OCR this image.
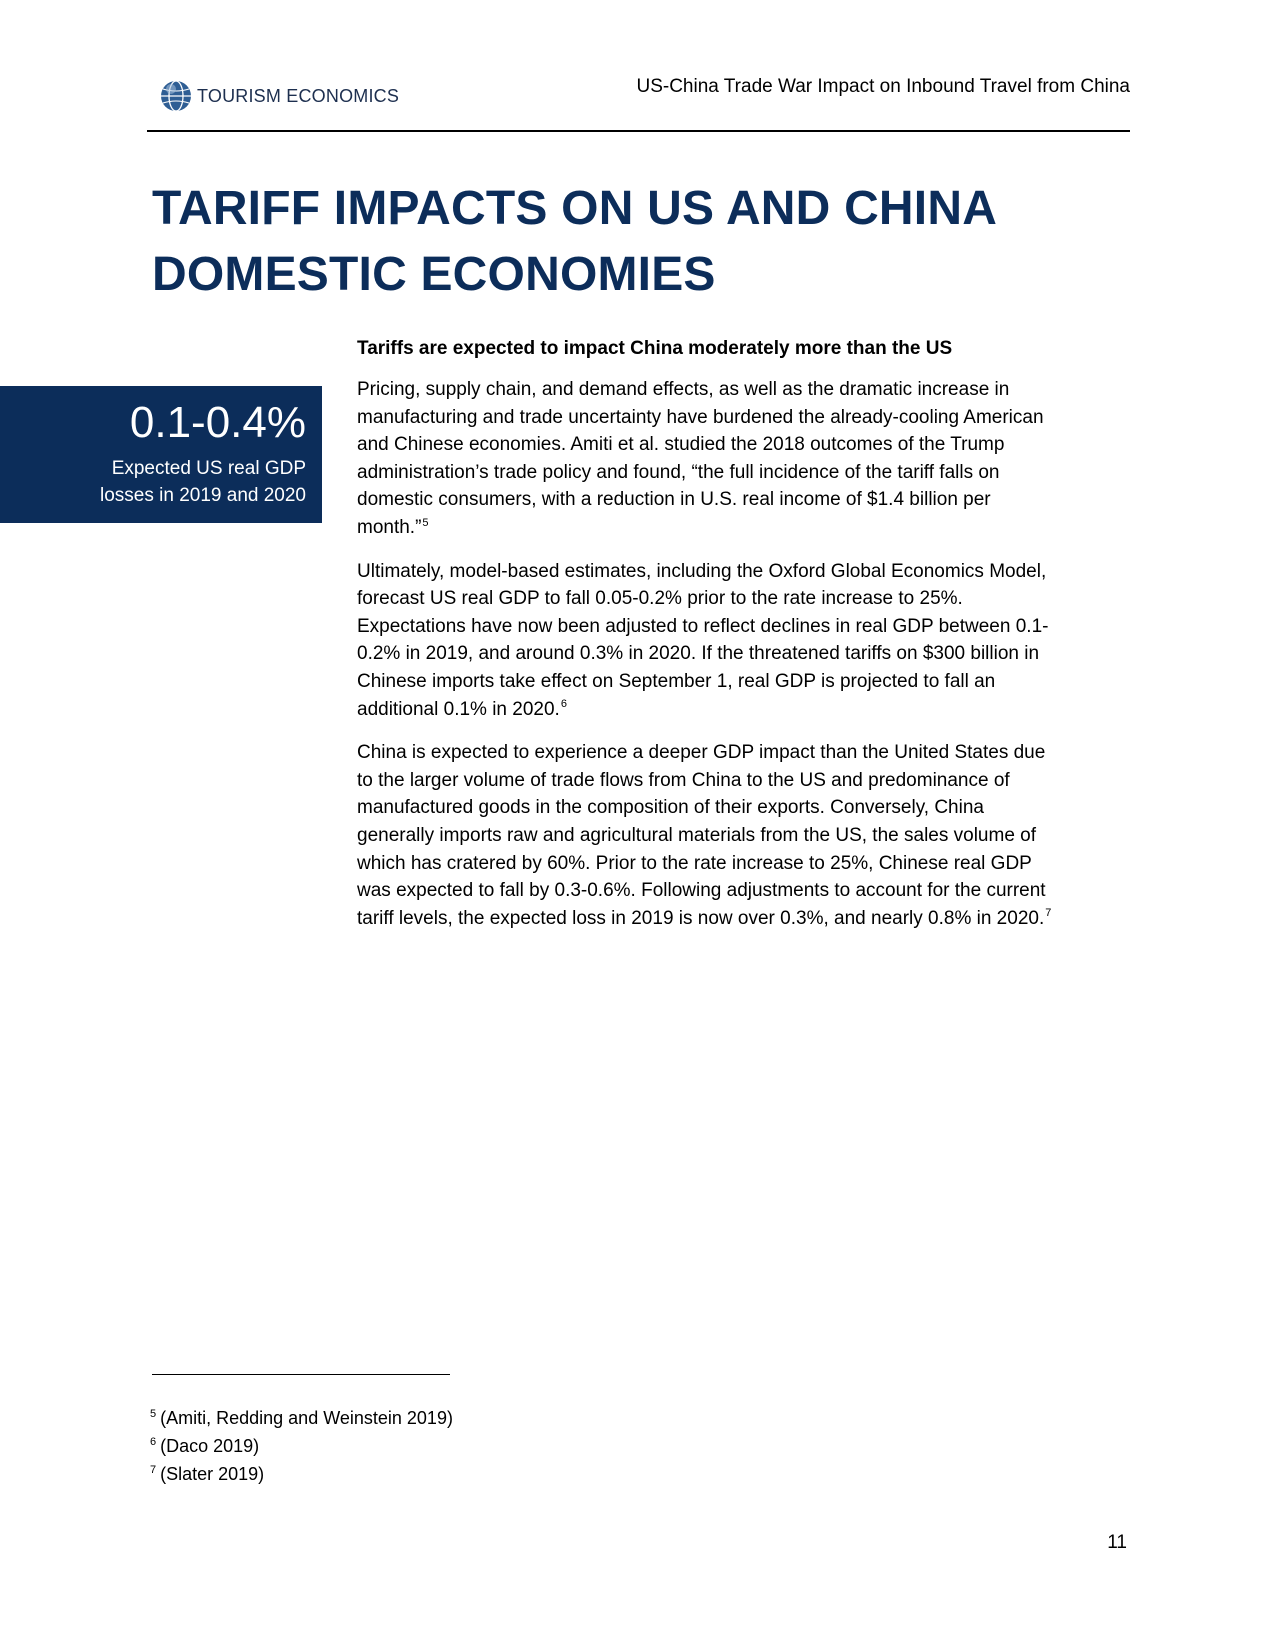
TOURISM ECONOMICS	US-China Trade War Impact on Inbound Travel from China
TARIFF IMPACTS ON US AND CHINA
DOMESTIC ECONOMIES
0.1-0.4%
Expected US real GDP
losses in 2019 and 2020

Tariffs are expected to impact China moderately more than the US

Pricing, supply chain, and demand effects, as well as the dramatic increase in
manufacturing and trade uncertainty have burdened the already-cooling American
and Chinese economies. Amiti et al. studied the 2018 outcomes of the Trump
administration’s trade policy and found, “the full incidence of the tariff falls on
domestic consumers, with a reduction in U.S. real income of $1.4 billion per
month.”$^5$

Ultimately, model-based estimates, including the Oxford Global Economics Model,
forecast US real GDP to fall 0.05-0.2% prior to the rate increase to 25%.
Expectations have now been adjusted to reflect declines in real GDP between 0.1-
0.2% in 2019, and around 0.3% in 2020. If the threatened tariffs on $300 billion in
Chinese imports take effect on September 1, real GDP is projected to fall an
additional 0.1% in 2020.$^6$

China is expected to experience a deeper GDP impact than the United States due
to the larger volume of trade flows from China to the US and predominance of
manufactured goods in the composition of their exports. Conversely, China
generally imports raw and agricultural materials from the US, the sales volume of
which has cratered by 60%. Prior to the rate increase to 25%, Chinese real GDP
was expected to fall by 0.3-0.6%. Following adjustments to account for the current
tariff levels, the expected loss in 2019 is now over 0.3%, and nearly 0.8% in 2020.$^7$

$^5$ (Amiti, Redding and Weinstein 2019)
$^6$ (Daco 2019)
$^7$ (Slater 2019)
11
